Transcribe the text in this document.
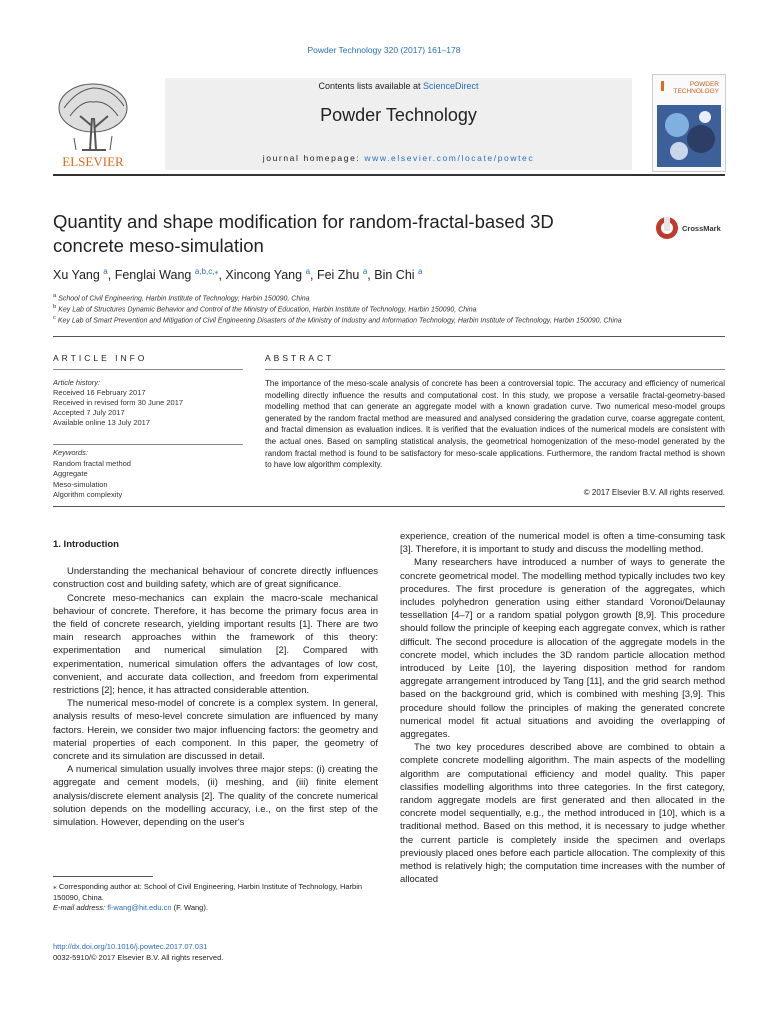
Powder Technology 320 (2017) 161–178
Contents lists available at ScienceDirect
Powder Technology
journal homepage: www.elsevier.com/locate/powtec
ELSEVIER
POWDER
TECHNOLOGY
Quantity and shape modification for random-fractal-based 3D concrete meso-simulation
CrossMark
Xu Yang $^a$, Fenglai Wang $^{a,b,c,⁎}$, Xincong Yang $^a$, Fei Zhu $^a$, Bin Chi $^a$
$^a$ School of Civil Engineering, Harbin Institute of Technology, Harbin 150090, China
$^b$ Key Lab of Structures Dynamic Behavior and Control of the Ministry of Education, Harbin Institute of Technology, Harbin 150090, China
$^c$ Key Lab of Smart Prevention and Mitigation of Civil Engineering Disasters of the Ministry of Industry and Information Technology, Harbin Institute of Technology, Harbin 150090, China
ARTICLE INFO	ABSTRACT
Article history:
Received 16 February 2017
Received in revised form 30 June 2017
Accepted 7 July 2017
Available online 13 July 2017
Keywords:
Random fractal method
Aggregate
Meso-simulation
Algorithm complexity
The importance of the meso-scale analysis of concrete has been a controversial topic. The accuracy and efficiency of numerical modelling directly influence the results and computational cost. In this study, we propose a versatile fractal-geometry-based modelling method that can generate an aggregate model with a known gradation curve. Two numerical meso-model groups generated by the random fractal method are measured and analysed considering the gradation curve, coarse aggregate content, and fractal dimension as evaluation indices. It is verified that the evaluation indices of the numerical models are consistent with the actual ones. Based on sampling statistical analysis, the geometrical homogenization of the meso-model generated by the random fractal method is found to be satisfactory for meso-scale applications. Furthermore, the random fractal method is shown to have low algorithm complexity.
© 2017 Elsevier B.V. All rights reserved.

1. Introduction

Understanding the mechanical behaviour of concrete directly influences construction cost and building safety, which are of great significance.

Concrete meso-mechanics can explain the macro-scale mechanical behaviour of concrete. Therefore, it has become the primary focus area in the field of concrete research, yielding important results [1]. There are two main research approaches within the framework of this theory: experimentation and numerical simulation [2]. Compared with experimentation, numerical simulation offers the advantages of low cost, convenient, and accurate data collection, and freedom from experimental restrictions [2]; hence, it has attracted considerable attention.

The numerical meso-model of concrete is a complex system. In general, analysis results of meso-level concrete simulation are influenced by many factors. Herein, we consider two major influencing factors: the geometry and material properties of each component. In this paper, the geometry of concrete and its simulation are discussed in detail.

A numerical simulation usually involves three major steps: (i) creating the aggregate and cement models, (ii) meshing, and (iii) finite element analysis/discrete element analysis [2]. The quality of the concrete numerical solution depends on the modelling accuracy, i.e., on the first step of the simulation. However, depending on the user's

experience, creation of the numerical model is often a time-consuming task [3]. Therefore, it is important to study and discuss the modelling method.

Many researchers have introduced a number of ways to generate the concrete geometrical model. The modelling method typically includes two key procedures. The first procedure is generation of the aggregates, which includes polyhedron generation using either standard Voronoi/Delaunay tessellation [4–7] or a random spatial polygon growth [8,9]. This procedure should follow the principle of keeping each aggregate convex, which is rather difficult. The second procedure is allocation of the aggregate models in the concrete model, which includes the 3D random particle allocation method introduced by Leite [10], the layering disposition method for random aggregate arrangement introduced by Tang [11], and the grid search method based on the background grid, which is combined with meshing [3,9]. This procedure should follow the principles of making the generated concrete numerical model fit actual situations and avoiding the overlapping of aggregates.

The two key procedures described above are combined to obtain a complete concrete modelling algorithm. The main aspects of the modelling algorithm are computational efficiency and model quality. This paper classifies modelling algorithms into three categories. In the first category, random aggregate models are first generated and then allocated in the concrete model sequentially, e.g., the method introduced in [10], which is a traditional method. Based on this method, it is necessary to judge whether the current particle is completely inside the specimen and overlaps previously placed ones before each particle allocation. The complexity of this method is relatively high; the computation time increases with the number of allocated

⁎ Corresponding author at: School of Civil Engineering, Harbin Institute of Technology, Harbin 150090, China.
E-mail address: fl-wang@hit.edu.cn (F. Wang).
http://dx.doi.org/10.1016/j.powtec.2017.07.031
0032-5910/© 2017 Elsevier B.V. All rights reserved.
